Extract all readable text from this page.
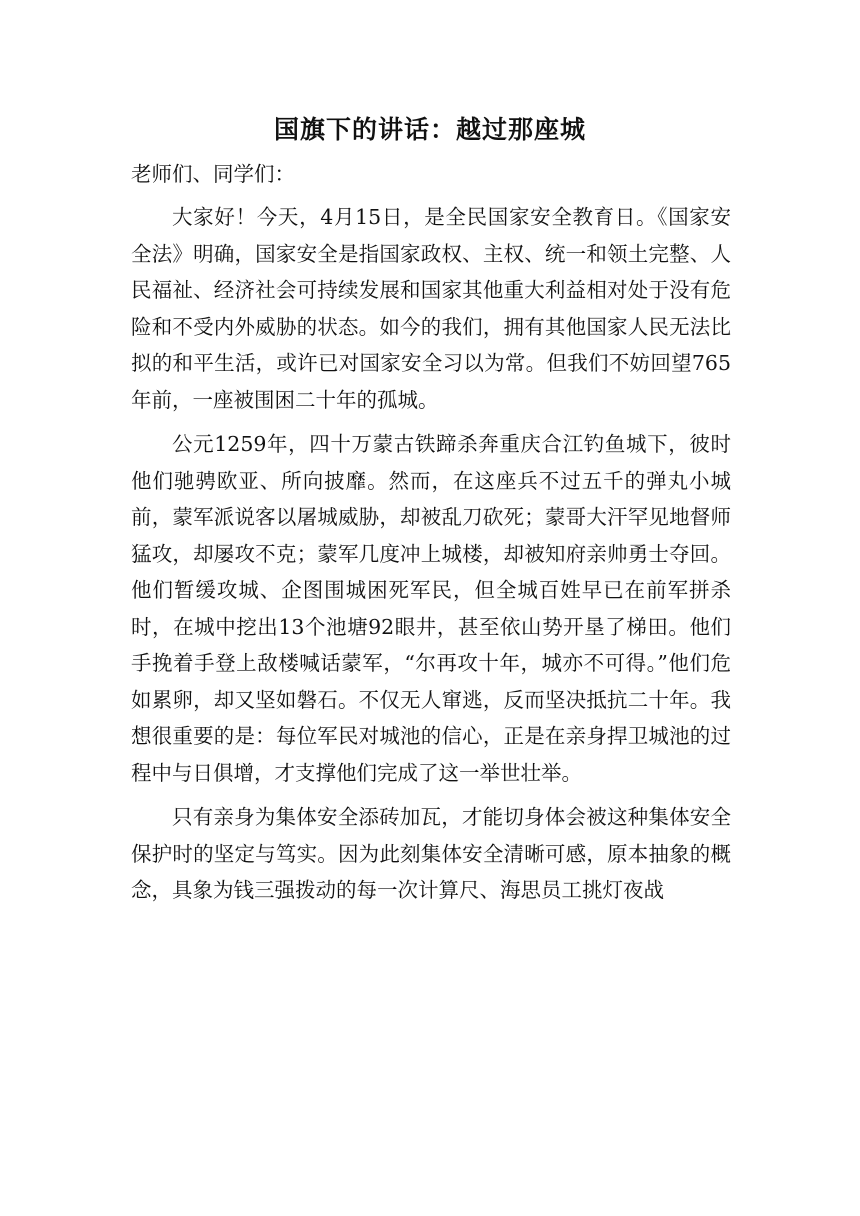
国旗下的讲话：越过那座城

老师们、同学们：

大家好！今天，4月15日，是全民国家安全教育日。《国家安全法》明确，国家安全是指国家政权、主权、统一和领土完整、人民福祉、经济社会可持续发展和国家其他重大利益相对处于没有危险和不受内外威胁的状态。如今的我们，拥有其他国家人民无法比拟的和平生活，或许已对国家安全习以为常。但我们不妨回望765年前，一座被围困二十年的孤城。

公元1259年，四十万蒙古铁蹄杀奔重庆合江钓鱼城下，彼时他们驰骋欧亚、所向披靡。然而，在这座兵不过五千的弹丸小城前，蒙军派说客以屠城威胁，却被乱刀砍死；蒙哥大汗罕见地督师猛攻，却屡攻不克；蒙军几度冲上城楼，却被知府亲帅勇士夺回。他们暂缓攻城、企图围城困死军民，但全城百姓早已在前军拼杀时，在城中挖出13个池塘92眼井，甚至依山势开垦了梯田。他们手挽着手登上敌楼喊话蒙军，“尔再攻十年，城亦不可得。”他们危如累卵，却又坚如磐石。不仅无人窜逃，反而坚决抵抗二十年。我想很重要的是：每位军民对城池的信心，正是在亲身捍卫城池的过程中与日俱增，才支撑他们完成了这一举世壮举。

只有亲身为集体安全添砖加瓦，才能切身体会被这种集体安全保护时的坚定与笃实。因为此刻集体安全清晰可感，原本抽象的概念，具象为钱三强拨动的每一次计算尺、海思员工挑灯夜战
